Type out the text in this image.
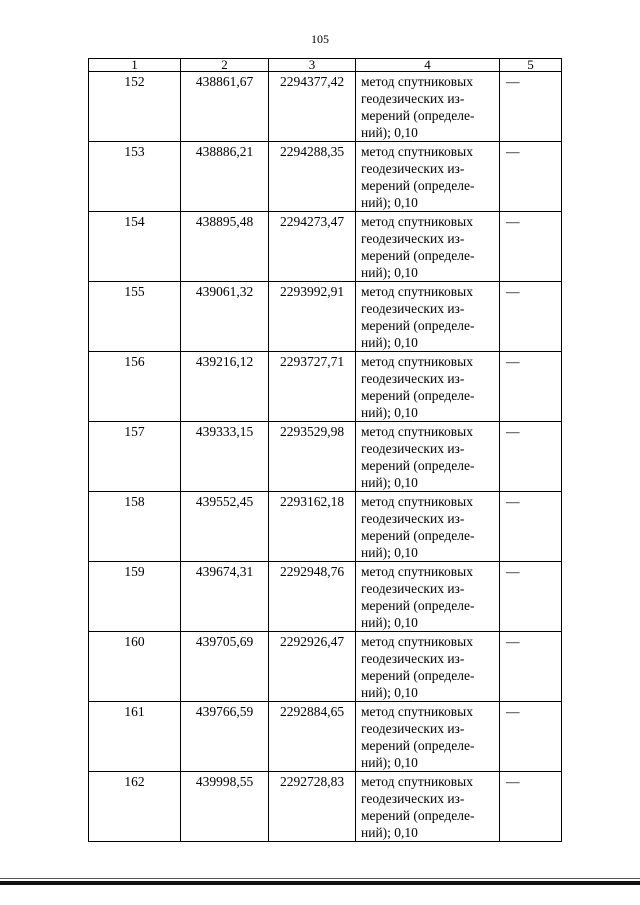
105
1	2	3	4	5
152	438861,67	2294377,42	метод спутниковых
геодезических из-
мерений (определе-
ний); 0,10	—
153	438886,21	2294288,35	метод спутниковых
геодезических из-
мерений (определе-
ний); 0,10	—
154	438895,48	2294273,47	метод спутниковых
геодезических из-
мерений (определе-
ний); 0,10	—
155	439061,32	2293992,91	метод спутниковых
геодезических из-
мерений (определе-
ний); 0,10	—
156	439216,12	2293727,71	метод спутниковых
геодезических из-
мерений (определе-
ний); 0,10	—
157	439333,15	2293529,98	метод спутниковых
геодезических из-
мерений (определе-
ний); 0,10	—
158	439552,45	2293162,18	метод спутниковых
геодезических из-
мерений (определе-
ний); 0,10	—
159	439674,31	2292948,76	метод спутниковых
геодезических из-
мерений (определе-
ний); 0,10	—
160	439705,69	2292926,47	метод спутниковых
геодезических из-
мерений (определе-
ний); 0,10	—
161	439766,59	2292884,65	метод спутниковых
геодезических из-
мерений (определе-
ний); 0,10	—
162	439998,55	2292728,83	метод спутниковых
геодезических из-
мерений (определе-
ний); 0,10	—
